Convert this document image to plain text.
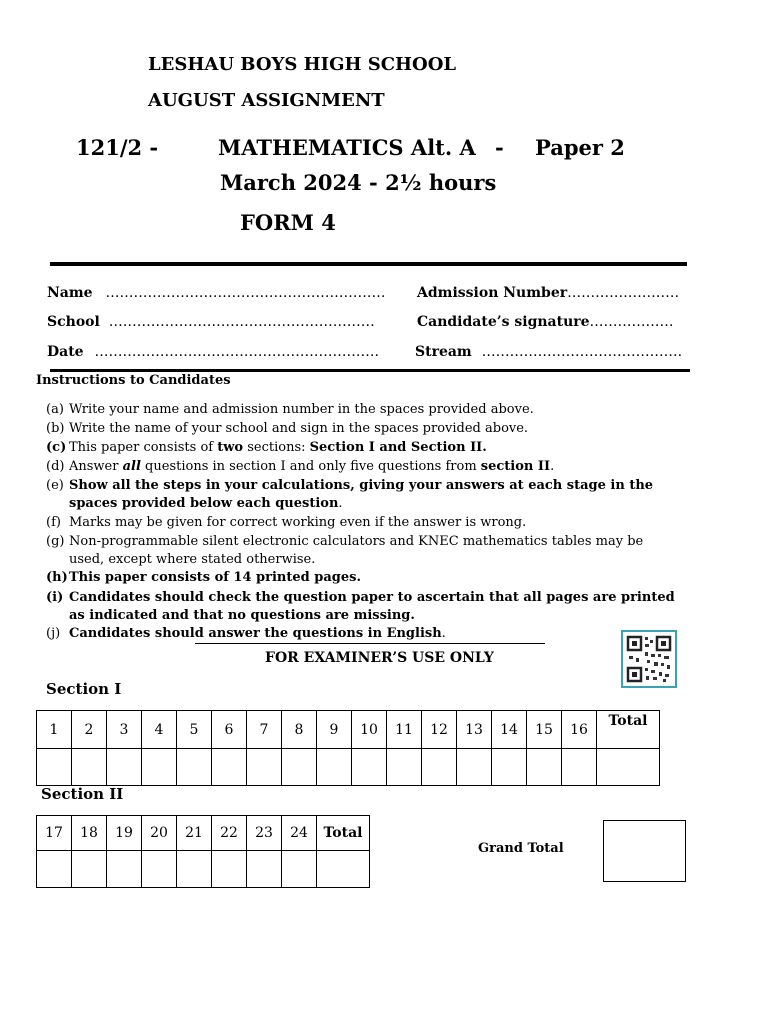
LESHAU BOYS HIGH SCHOOL
AUGUST ASSIGNMENT
121/2 -	MATHEMATICS Alt. A - Paper 2
March 2024 - 2½ hours
FORM 4
Name …………………………………………………… Admission Number……………………
School …………………………………………………	Candidate’s signature………………
Date …………………………………………………….	Stream …………………………………….
Instructions to Candidates
(a) Write your name and admission number in the spaces provided above.
(b) Write the name of your school and sign in the spaces provided above.
(c) This paper consists of two sections: Section I and Section II.
(d) Answer all questions in section I and only five questions from section II.
(e) Show all the steps in your calculations, giving your answers at each stage in the
spaces provided below each question.
(f) Marks may be given for correct working even if the answer is wrong.
(g) Non-programmable silent electronic calculators and KNEC mathematics tables may be
used, except where stated otherwise.
(h)This paper consists of 14 printed pages.
(i) Candidates should check the question paper to ascertain that all pages are printed
as indicated and that no questions are missing.
(j) Candidates should answer the questions in English.
FOR EXAMINER’S USE ONLY
Section I
1	2	3	4	5	6	7	8	9	10	11	12	13	14	15	16	Total

Section II
17	18	19	20	21	22	23	24	Total

Grand Total
